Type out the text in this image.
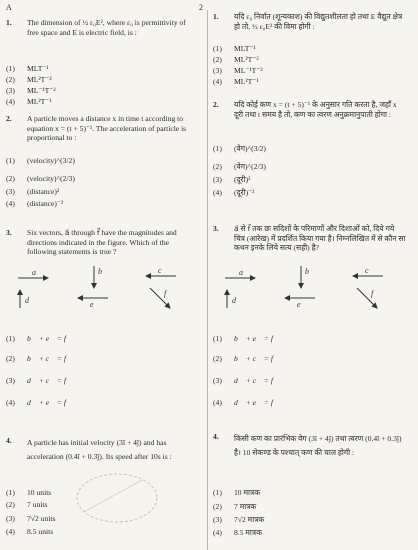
A	2
1. The dimension of ½ ε₀E², where ε₀ is permittivity of free space and E is electric field, is :
(1)	MLT⁻¹
(2)	ML²T⁻²
(3)	ML⁻¹T⁻²
(4)	ML²T⁻¹
2. A particle moves a distance x in time t according to equation x = (t + 5)⁻¹. The acceleration of particle is proportional to :
(1)	(velocity)^(3/2)
(2)	(velocity)^(2/3)
(3)	(distance)²
(4)	(distance)⁻²
3. Six vectors, a⃗ through f⃗ have the magnitudes and directions indicated in the figure. Which of the following statements is true ?
a	b	c
d	e
f
(1)	b⃗ + e⃗ = f⃗
(2)	b⃗ + c⃗ = f⃗
(3)	d⃗ + c⃗ = f⃗
(4)	d⃗ + e⃗ = f⃗
4. A particle has initial velocity (3î + 4ĵ) and has acceleration (0.4î + 0.3ĵ). Its speed after 10s is :
(1)	10 units
(2)	7 units
(3)	7√2 units
(4)	8.5 units
1. यदि ε₀ निर्वात (शून्यकाश) की विद्युतशीलता हो तथा E वैद्युत क्षेत्र हो तो, ½ ε₀E² की विमा होगी :
(1)	MLT⁻¹
(2)	ML²T⁻²
(3)	ML⁻¹T⁻²
(4)	ML²T⁻¹
2. यदि कोई कण x = (t + 5)⁻¹ के अनुसार गति करता है, जहाँ x दूरी तथा t समय है तो, कण का त्वरण अनुक्रमानुपाती होगा :
(1)	(वेग)^(3/2)
(2)	(वेग)^(2/3)
(3)	(दूरी)²
(4)	(दूरी)⁻²
3. a⃗ से f⃗ तक छः सदिशों के परिमाणों और दिशाओं को, दिये गये चित्र (आरेख) में प्रदर्शित किया गया है। निम्नलिखित में से कौन सा कथन इनके लिये सत्य (सही) है?
a	b	c
d	e
f
(1)	b⃗ + e⃗ = f⃗
(2)	b⃗ + c⃗ = f⃗
(3)	d⃗ + c⃗ = f⃗
(4)	d⃗ + e⃗ = f⃗
4. किसी कण का प्रारंभिक वेग (3î + 4ĵ) तथा त्वरण (0.4î + 0.3ĵ) है। 10 सेकण्ड के पश्चात् कण की चाल होगी :
(1)	10 मात्रक
(2)	7 मात्रक
(3)	7√2 मात्रक
(4)	8.5 मात्रक
